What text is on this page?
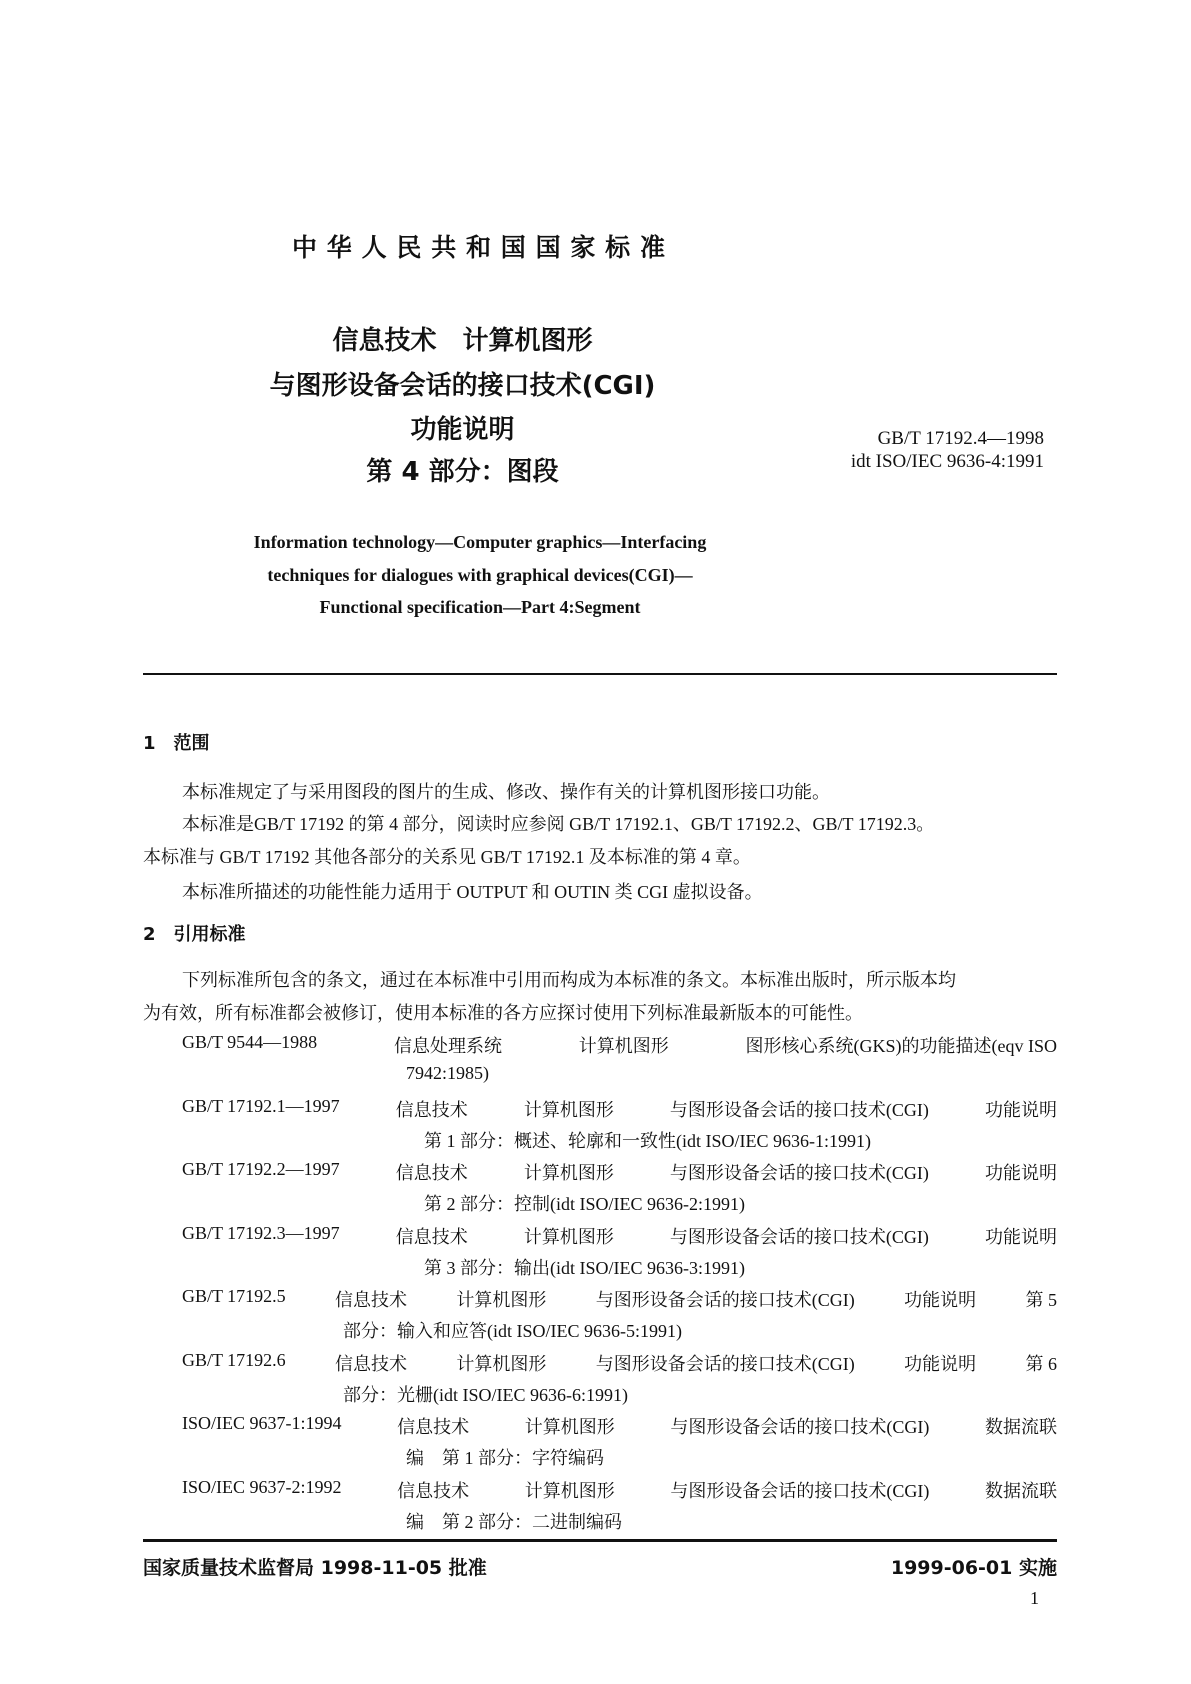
中 华 人 民 共 和 国 国 家 标 准
信息技术　计算机图形
与图形设备会话的接口技术(CGI)
功能说明
第 4 部分：图段
GB/T 17192.4—1998
idt ISO/IEC 9636-4:1991
Information technology—Computer graphics—Interfacing
techniques for dialogues with graphical devices(CGI)—
Functional specification—Part 4:Segment
1 范围
本标准规定了与采用图段的图片的生成、修改、操作有关的计算机图形接口功能。
本标准是GB/T 17192 的第 4 部分，阅读时应参阅 GB/T 17192.1、GB/T 17192.2、GB/T 17192.3。
本标准与 GB/T 17192 其他各部分的关系见 GB/T 17192.1 及本标准的第 4 章。
本标准所描述的功能性能力适用于 OUTPUT 和 OUTIN 类 CGI 虚拟设备。
2 引用标准
下列标准所包含的条文，通过在本标准中引用而构成为本标准的条文。本标准出版时，所示版本均
为有效，所有标准都会被修订，使用本标准的各方应探讨使用下列标准最新版本的可能性。
GB/T 9544—1988	信息处理系统	计算机图形	图形核心系统(GKS)的功能描述(eqv ISO
7942:1985)
GB/T 17192.1—1997	信息技术	计算机图形	与图形设备会话的接口技术(CGI)	功能说明
第 1 部分：概述、轮廓和一致性(idt ISO/IEC 9636-1:1991)
GB/T 17192.2—1997	信息技术	计算机图形	与图形设备会话的接口技术(CGI)	功能说明
第 2 部分：控制(idt ISO/IEC 9636-2:1991)
GB/T 17192.3—1997	信息技术	计算机图形	与图形设备会话的接口技术(CGI)	功能说明
第 3 部分：输出(idt ISO/IEC 9636-3:1991)
GB/T 17192.5	信息技术	计算机图形	与图形设备会话的接口技术(CGI)	功能说明	第 5
部分：输入和应答(idt ISO/IEC 9636-5:1991)
GB/T 17192.6	信息技术	计算机图形	与图形设备会话的接口技术(CGI)	功能说明	第 6
部分：光栅(idt ISO/IEC 9636-6:1991)
ISO/IEC 9637-1:1994	信息技术	计算机图形	与图形设备会话的接口技术(CGI)	数据流联
编　第 1 部分：字符编码
ISO/IEC 9637-2:1992	信息技术	计算机图形	与图形设备会话的接口技术(CGI)	数据流联
编　第 2 部分：二进制编码
国家质量技术监督局 1998-11-05 批准	1999-06-01 实施
1
